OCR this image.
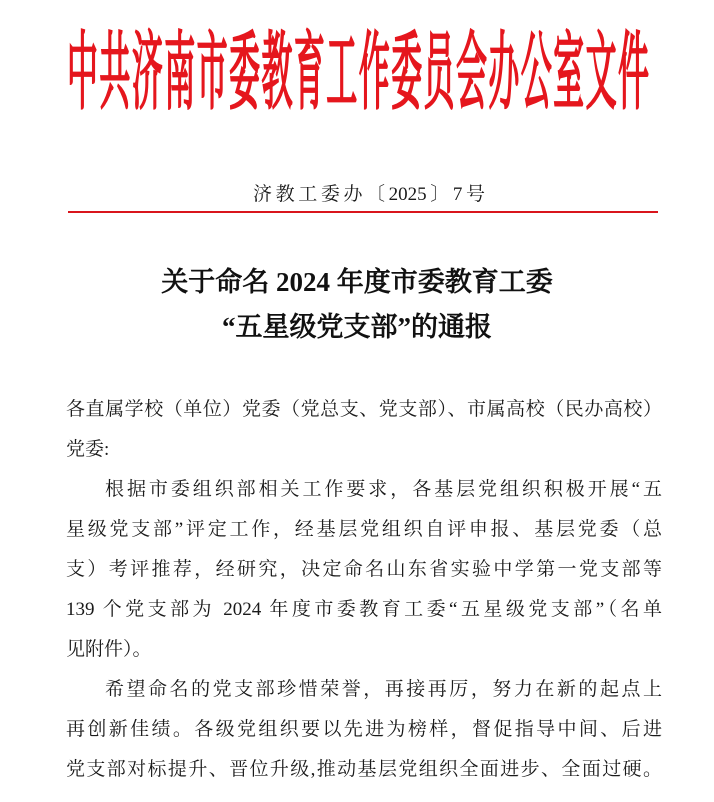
中共济南市委教育工作委员会办公室文件
济教工委办〔2025〕7号
关于命名 2024 年度市委教育工委
“五星级党支部”的通报
各直属学校（单位）党委（党总支、党支部）、市属高校（民办高校）
党委:
根据市委组织部相关工作要求，各基层党组织积极开展“五
星级党支部”评定工作，经基层党组织自评申报、基层党委（总
支）考评推荐，经研究，决定命名山东省实验中学第一党支部等
139 个党支部为 2024 年度市委教育工委“五星级党支部”（名单
见附件）。
希望命名的党支部珍惜荣誉，再接再厉，努力在新的起点上
再创新佳绩。各级党组织要以先进为榜样，督促指导中间、后进
党支部对标提升、晋位升级,推动基层党组织全面进步、全面过硬。
